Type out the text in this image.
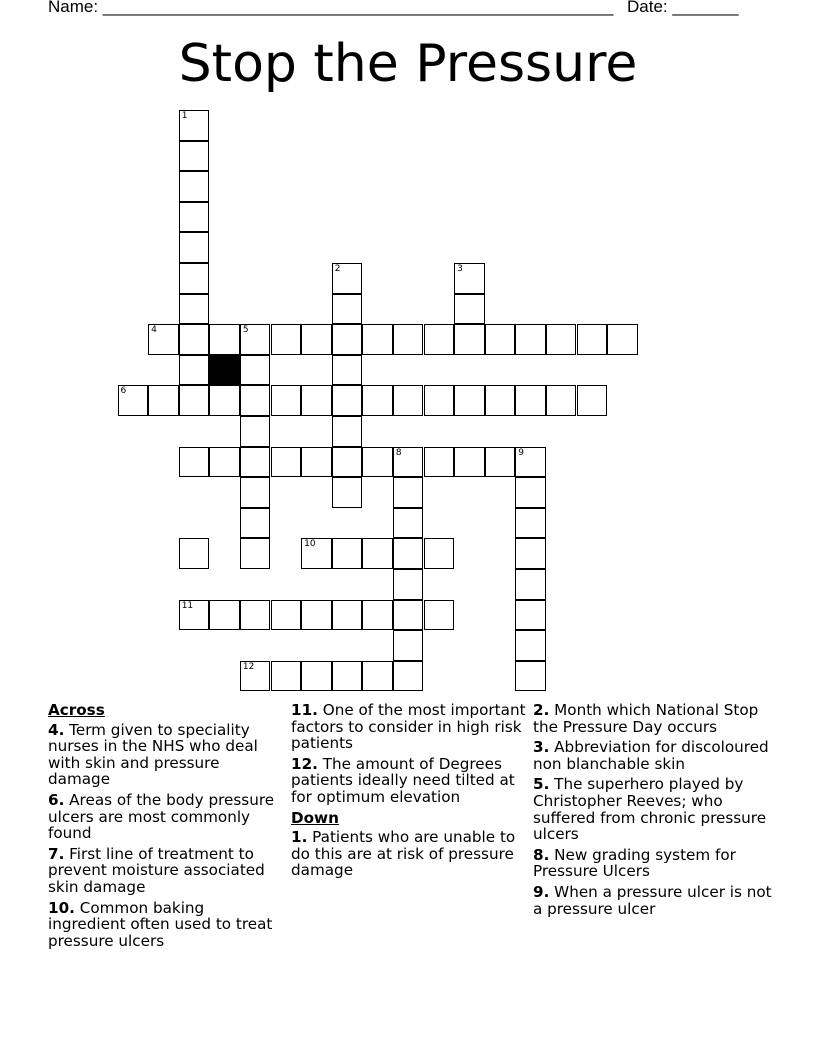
Name: ______________________________________________________ Date: _______
Stop the Pressure
1
2	3
4	5
6
8	9
10
11
12
Across
4. Term given to speciality nurses in the NHS who deal with skin and pressure damage
6. Areas of the body pressure ulcers are most commonly found
7. First line of treatment to prevent moisture associated skin damage
10. Common baking ingredient often used to treat pressure ulcers
11. One of the most important factors to consider in high risk patients
12. The amount of Degrees patients ideally need tilted at for optimum elevation
Down
1. Patients who are unable to do this are at risk of pressure damage
2. Month which National Stop the Pressure Day occurs
3. Abbreviation for discoloured non blanchable skin
5. The superhero played by Christopher Reeves; who suffered from chronic pressure ulcers
8. New grading system for Pressure Ulcers
9. When a pressure ulcer is not a pressure ulcer
